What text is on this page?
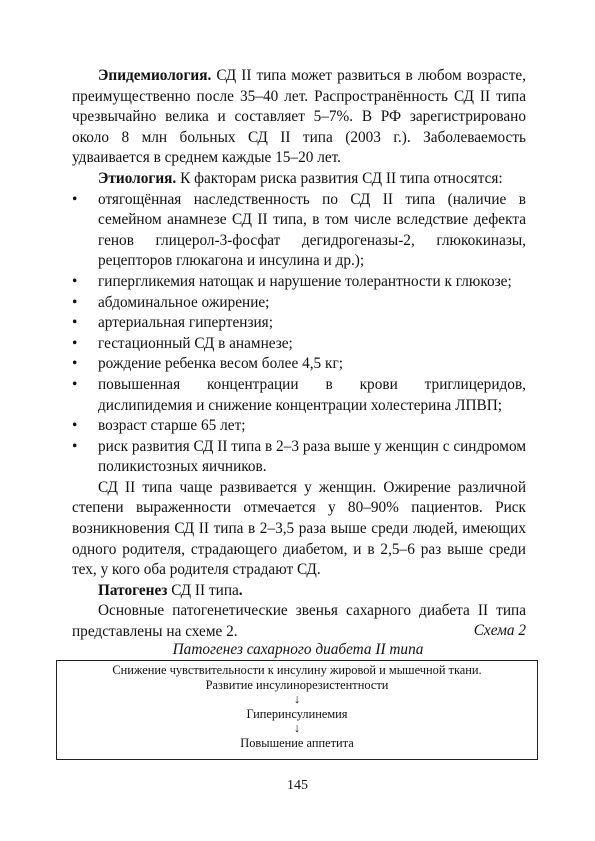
Эпидемиология. СД II типа может развиться в любом возрасте, преимущественно после 35–40 лет. Распространённость СД II типа чрезвычайно велика и составляет 5–7%. В РФ зарегистрировано около 8 млн больных СД II типа (2003 г.). Заболеваемость удваивается в среднем каждые 15–20 лет.

Этиология. К факторам риска развития СД II типа относятся:

• отягощённая наследственность по СД II типа (наличие в семейном анамнезе СД II типа, в том числе вследствие дефекта генов глицерол-3-фосфат дегидрогеназы-2, глюкокиназы, рецепторов глюкагона и инсулина и др.);
• гипергликемия натощак и нарушение толерантности к глюкозе;
• абдоминальное ожирение;
• артериальная гипертензия;
• гестационный СД в анамнезе;
• рождение ребенка весом более 4,5 кг;
• повышенная концентрации в крови триглицеридов, дислипидемия и снижение концентрации холестерина ЛПВП;
• возраст старше 65 лет;
• риск развития СД II типа в 2–3 раза выше у женщин с синдромом поликистозных яичников.

СД II типа чаще развивается у женщин. Ожирение различной степени выраженности отмечается у 80–90% пациентов. Риск возникновения СД II типа в 2–3,5 раза выше среди людей, имеющих одного родителя, страдающего диабетом, и в 2,5–6 раз выше среди тех, у кого оба родителя страдают СД.

Патогенез СД II типа.

Основные патогенетические звенья сахарного диабета II типа представлены на схеме 2.	Схема 2
Патогенез сахарного диабета II типа
Снижение чувствительности к инсулину жировой и мышечной ткани.
Развитие инсулинорезистентности
↓
Гиперинсулинемия
↓
Повышение аппетита
145
